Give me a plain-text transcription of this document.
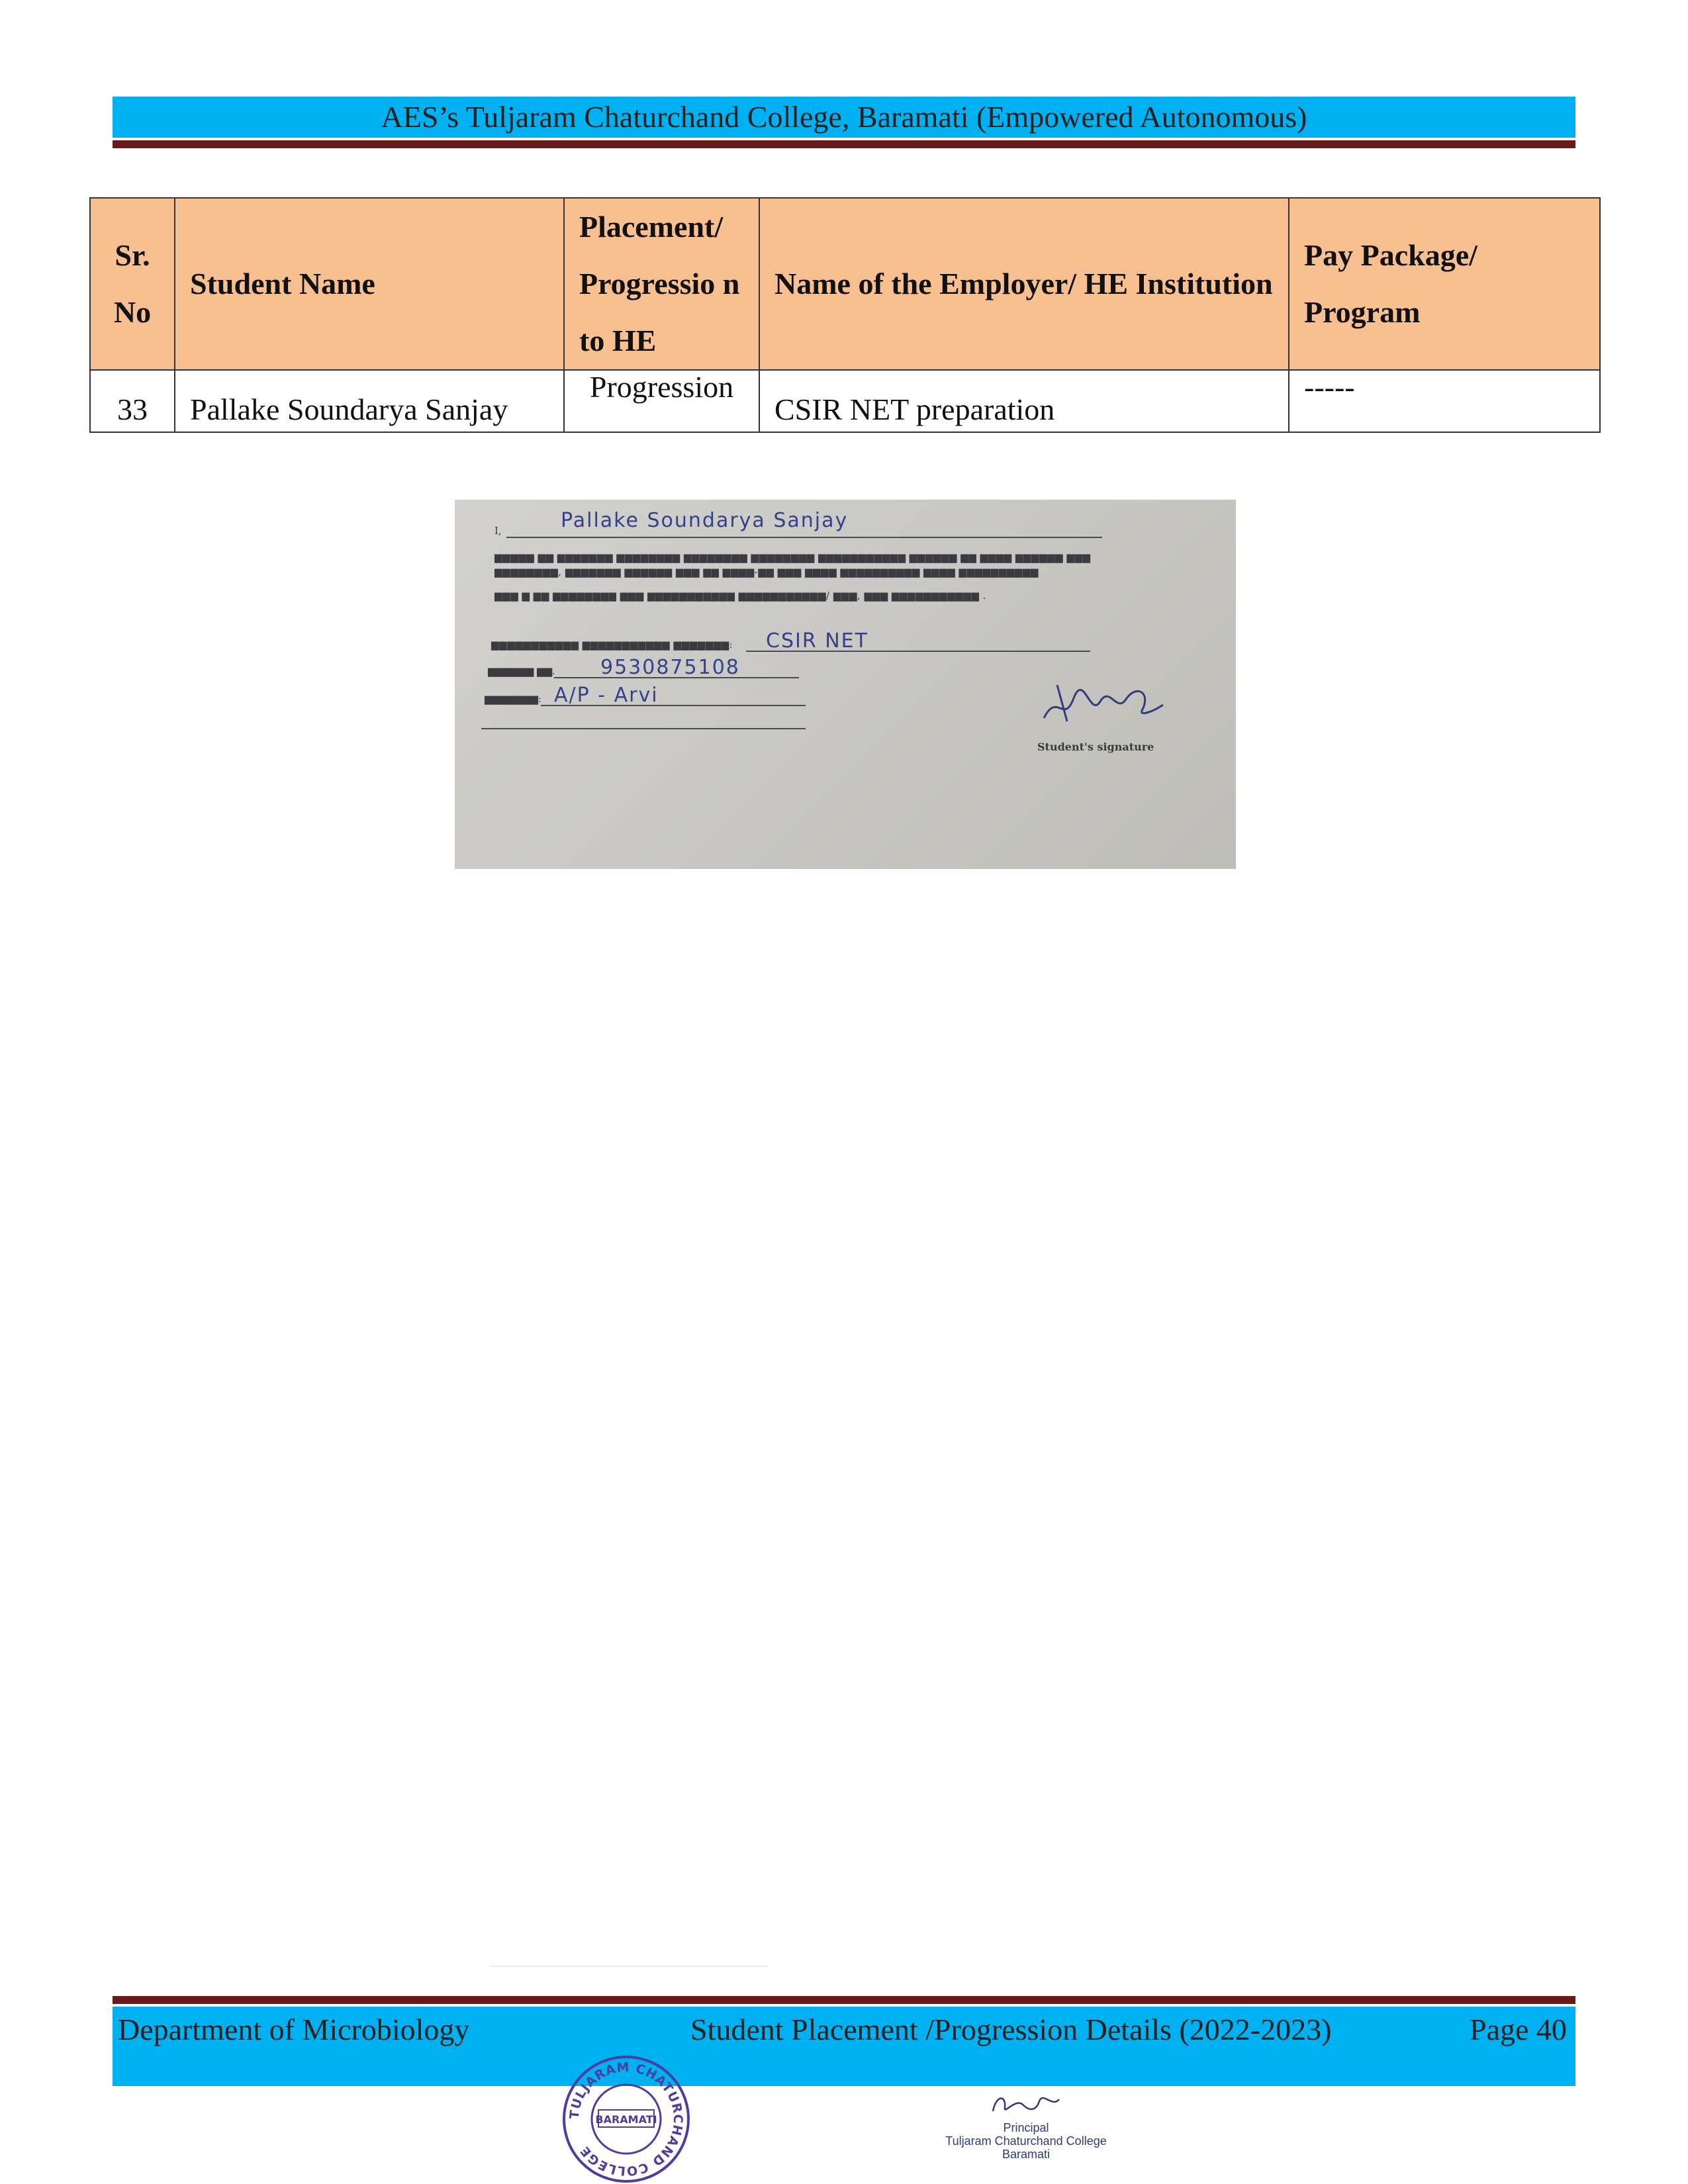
AES’s Tuljaram Chaturchand College, Baramati (Empowered Autonomous)
Sr. No	Student Name	Placement/ Progressio n to HE	Name of the Employer/ HE Institution	Pay Package/ Program
33	Pallake Soundarya Sanjay	Progression	CSIR NET preparation	-----
I,	Pallake Soundarya Sanjay
▆▆▆▆▆ ▆▆ ▆▆▆▆▆▆▆ ▆▆▆▆▆▆▆▆ ▆▆▆▆▆▆▆▆ ▆▆▆▆▆▆▆▆ ▆▆▆▆▆▆▆▆▆▆▆ ▆▆▆▆▆▆ ▆▆ ▆▆▆▆ ▆▆▆▆▆▆ ▆▆▆
▆▆▆▆▆▆▆▆, ▆▆▆▆▆▆▆ ▆▆▆▆▆▆ ▆▆▆ ▆▆ ▆▆▆▆-▆▆ ▆▆▆ ▆▆▆▆ ▆▆▆▆▆▆▆▆▆▆ ▆▆▆▆ ▆▆▆▆▆▆▆▆▆▆
▆▆▆ ▆ ▆▆ ▆▆▆▆▆▆▆▆ ▆▆▆ ▆▆▆▆▆▆▆▆▆▆▆ ▆▆▆▆▆▆▆▆▆▆▆/ ▆▆▆, ▆▆▆ ▆▆▆▆▆▆▆▆▆▆▆ .
▆▆▆▆▆▆▆▆▆▆▆ ▆▆▆▆▆▆▆▆▆▆▆ ▆▆▆▆▆▆▆: CSIR NET
▆▆▆▆▆▆ ▆▆. 9530875108
▆▆▆▆▆▆▆: A/P - Arvi
Student's signature
Department of Microbiology	Student Placement /Progression Details (2022-2023)	Page 40
TULJARAM CHATURCHAND COLLEGE
BARAMATI
Principal
Tuljaram Chaturchand College
Baramati
